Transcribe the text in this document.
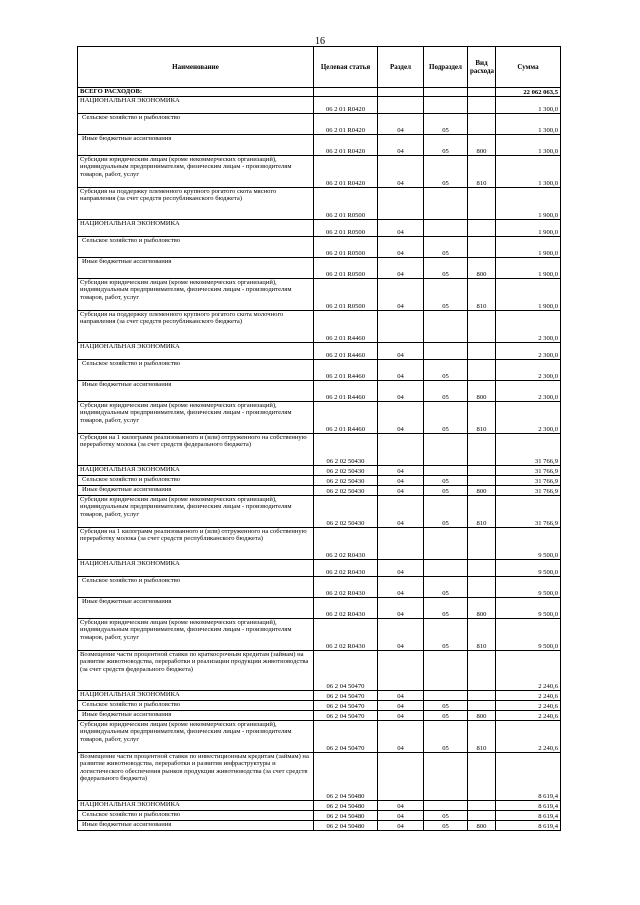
16
Наименование	Целевая статья	Раздел	Подраздел	Вид расхода	Сумма
ВСЕГО РАСХОДОВ:					22 062 063,5
НАЦИОНАЛЬНАЯ ЭКОНОМИКА	06 2 01 R0420				1 300,0
Сельское хозяйство и рыболовство	06 2 01 R0420	04	05		1 300,0
Иные бюджетные ассигнования	06 2 01 R0420	04	05	800	1 300,0
Субсидии юридическим лицам (кроме некоммерческих организаций), индивидуальным предпринимателям, физическим лицам - производителям товаров, работ, услуг	06 2 01 R0420	04	05	810	1 300,0
Субсидия на поддержку племенного крупного рогатого скота мясного направления (за счет средств республиканского бюджета)	06 2 01 R0500				1 900,0
НАЦИОНАЛЬНАЯ ЭКОНОМИКА	06 2 01 R0500	04			1 900,0
Сельское хозяйство и рыболовство	06 2 01 R0500	04	05		1 900,0
Иные бюджетные ассигнования	06 2 01 R0500	04	05	800	1 900,0
Субсидии юридическим лицам (кроме некоммерческих организаций), индивидуальным предпринимателям, физическим лицам - производителям товаров, работ, услуг	06 2 01 R0500	04	05	810	1 900,0
Субсидия на поддержку племенного крупного рогатого скота молочного направления (за счет средств республиканского бюджета)	06 2 01 R4460				2 300,0
НАЦИОНАЛЬНАЯ ЭКОНОМИКА	06 2 01 R4460	04			2 300,0
Сельское хозяйство и рыболовство	06 2 01 R4460	04	05		2 300,0
Иные бюджетные ассигнования	06 2 01 R4460	04	05	800	2 300,0
Субсидии юридическим лицам (кроме некоммерческих организаций), индивидуальным предпринимателям, физическим лицам - производителям товаров, работ, услуг	06 2 01 R4460	04	05	810	2 300,0
Субсидия на 1 килограмм реализованного и (или) отгруженного на собственную переработку молока (за счет средств федерального бюджета)	06 2 02 50430				31 766,9
НАЦИОНАЛЬНАЯ ЭКОНОМИКА	06 2 02 50430	04			31 766,9
Сельское хозяйство и рыболовство	06 2 02 50430	04	05		31 766,9
Иные бюджетные ассигнования	06 2 02 50430	04	05	800	31 766,9
Субсидии юридическим лицам (кроме некоммерческих организаций), индивидуальным предпринимателям, физическим лицам - производителям товаров, работ, услуг	06 2 02 50430	04	05	810	31 766,9
Субсидия на 1 килограмм реализованного и (или) отгруженного на собственную переработку молока (за счет средств республиканского бюджета)	06 2 02 R0430				9 500,0
НАЦИОНАЛЬНАЯ ЭКОНОМИКА	06 2 02 R0430	04			9 500,0
Сельское хозяйство и рыболовство	06 2 02 R0430	04	05		9 500,0
Иные бюджетные ассигнования	06 2 02 R0430	04	05	800	9 500,0
Субсидии юридическим лицам (кроме некоммерческих организаций), индивидуальным предпринимателям, физическим лицам - производителям товаров, работ, услуг	06 2 02 R0430	04	05	810	9 500,0
Возмещение части процентной ставки по краткосрочным кредитам (займам) на развитие животноводства, переработки и реализации продукции животноводства (за счет средств федерального бюджета)	06 2 04 50470				2 240,6
НАЦИОНАЛЬНАЯ ЭКОНОМИКА	06 2 04 50470	04			2 240,6
Сельское хозяйство и рыболовство	06 2 04 50470	04	05		2 240,6
Иные бюджетные ассигнования	06 2 04 50470	04	05	800	2 240,6
Субсидии юридическим лицам (кроме некоммерческих организаций), индивидуальным предпринимателям, физическим лицам - производителям товаров, работ, услуг	06 2 04 50470	04	05	810	2 240,6
Возмещение части процентной ставки по инвестиционным кредитам (займам) на развитие животноводства, переработки и развития инфраструктуры и логистического обеспечения рынков продукции животноводства (за счет средств федерального бюджета)	06 2 04 50480				8 619,4
НАЦИОНАЛЬНАЯ ЭКОНОМИКА	06 2 04 50480	04			8 619,4
Сельское хозяйство и рыболовство	06 2 04 50480	04	05		8 619,4
Иные бюджетные ассигнования	06 2 04 50480	04	05	800	8 619,4
